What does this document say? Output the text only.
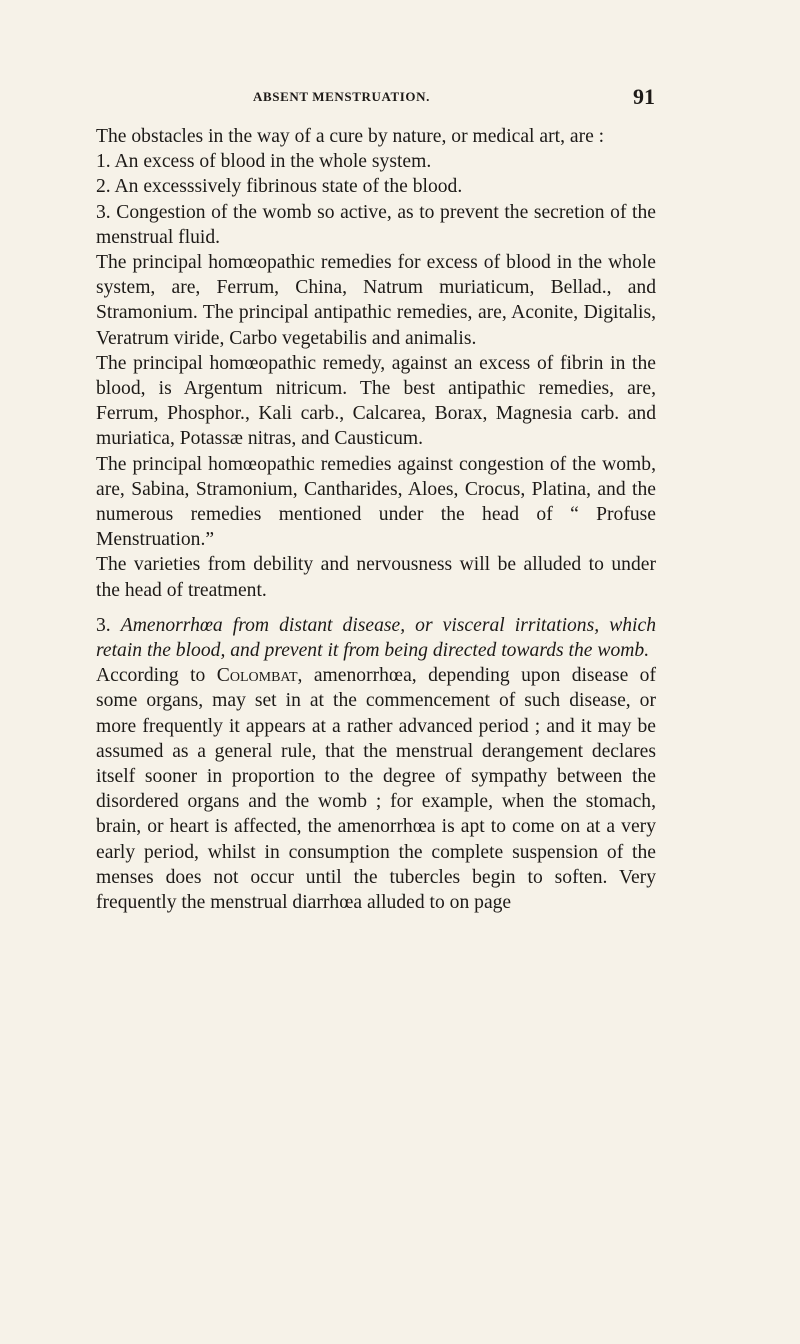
ABSENT MENSTRUATION.	91

The obstacles in the way of a cure by nature, or medical art, are :

1. An excess of blood in the whole system.

2. An excesssively fibrinous state of the blood.

3. Congestion of the womb so active, as to prevent the secretion of the menstrual fluid.

The principal homœopathic remedies for excess of blood in the whole system, are, Ferrum, China, Natrum muriaticum, Bellad., and Stramonium. The principal antipathic remedies, are, Aconite, Digitalis, Veratrum viride, Carbo vegetabilis and animalis.

The principal homœopathic remedy, against an excess of fibrin in the blood, is Argentum nitricum. The best antipathic remedies, are, Ferrum, Phosphor., Kali carb., Calcarea, Borax, Magnesia carb. and muriatica, Potassæ nitras, and Causticum.

The principal homœopathic remedies against congestion of the womb, are, Sabina, Stramonium, Cantharides, Aloes, Crocus, Platina, and the numerous remedies mentioned under the head of “ Profuse Menstruation.”

The varieties from debility and nervousness will be alluded to under the head of treatment.

3. Amenorrhœa from distant disease, or visceral irritations, which retain the blood, and prevent it from being directed towards the womb.

According to Colombat, amenorrhœa, depending upon disease of some organs, may set in at the commencement of such disease, or more frequently it appears at a rather advanced period ; and it may be assumed as a general rule, that the menstrual derangement declares itself sooner in proportion to the degree of sympathy between the disordered organs and the womb ; for example, when the stomach, brain, or heart is affected, the amenorrhœa is apt to come on at a very early period, whilst in consumption the complete suspension of the menses does not occur until the tubercles begin to soften. Very frequently the menstrual diarrhœa alluded to on page
